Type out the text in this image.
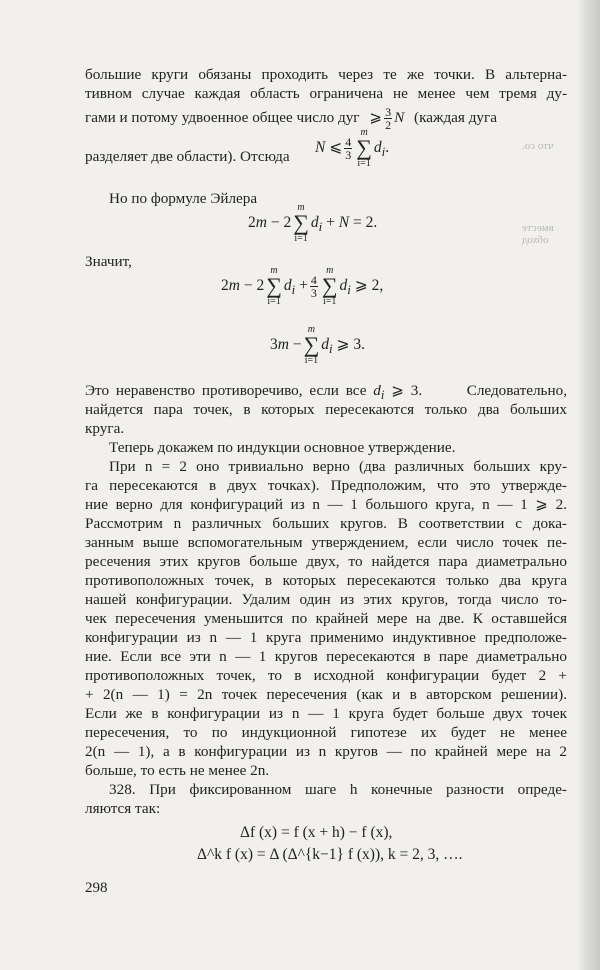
что со.
вместе
обход
большие круги обязаны проходить через те же точки. В альтерна-
тивном случае каждая область ограничена не менее чем тремя ду-
гами и потому удвоенное общее число дуг ⩾ $\frac{3}{2}$ N (каждая дуга
разделяет две области). Отсюда
N ⩽ $\frac{4}{3}$
m
∑
i=1
$d_i$.
Но по формуле Эйлера
2m − 2
m
∑
i=1
$d_i + N = 2$.
Значит,
2m − 2
m
∑
i=1
$d_i + \frac{4}{3}$
m
∑
i=1
$d_i$ ⩾ 2,
3m −
m
∑
i=1
$d_i$ ⩾ 3.
Это неравенство противоречиво, если все $d_i$ ⩾ 3.	Следовательно,
найдется пара точек, в которых пересекаются только два больших
круга.
Теперь докажем по индукции основное утверждение.
При n = 2 оно тривиально верно (два различных больших кру-
га пересекаются в двух точках). Предположим, что это утвержде-
ние верно для конфигураций из n — 1 большого круга, n — 1 ⩾ 2.
Рассмотрим n различных больших кругов. В соответствии с дока-
занным выше вспомогательным утверждением, если число точек пе-
ресечения этих кругов больше двух, то найдется пара диаметрально
противоположных точек, в которых пересекаются только два круга
нашей конфигурации. Удалим один из этих кругов, тогда число то-
чек пересечения уменьшится по крайней мере на две. К оставшейся
конфигурации из n — 1 круга применимо индуктивное предположе-
ние. Если все эти n — 1 кругов пересекаются в паре диаметрально
противоположных точек, то в исходной конфигурации будет 2 +
+ 2(n — 1) = 2n точек пересечения (как и в авторском решении).
Если же в конфигурации из n — 1 круга будет больше двух точек
пересечения, то по индукционной гипотезе их будет не менее
2(n — 1), а в конфигурации из n кругов — по крайней мере на 2
больше, то есть не менее 2n.
328. При фиксированном шаге h конечные разности опреде-
ляются так:
Δf (x) = f (x + h) − f (x),
Δ^k f (x) = Δ (Δ^{k−1} f (x)), k = 2, 3, ….
298
